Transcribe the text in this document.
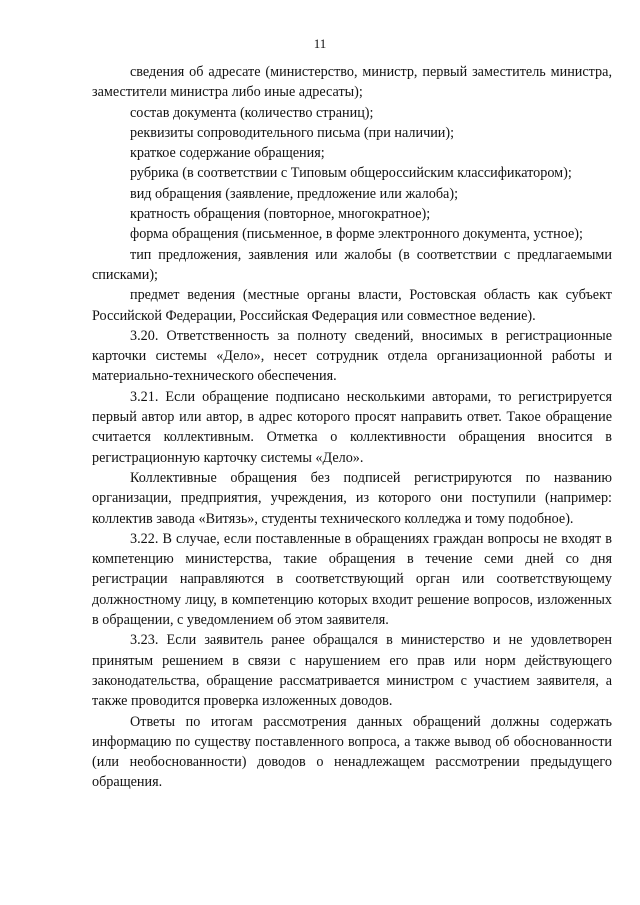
11

сведения об адресате (министерство, министр, первый заместитель министра, заместители министра либо иные адресаты);

состав документа (количество страниц);

реквизиты сопроводительного письма (при наличии);

краткое содержание обращения;

рубрика (в соответствии с Типовым общероссийским классификатором);

вид обращения (заявление, предложение или жалоба);

кратность обращения (повторное, многократное);

форма обращения (письменное, в форме электронного документа, устное);

тип предложения, заявления или жалобы (в соответствии с предлагаемыми списками);

предмет ведения (местные органы власти, Ростовская область как субъект Российской Федерации, Российская Федерация или совместное ведение).

3.20. Ответственность за полноту сведений, вносимых в регистрационные карточки системы «Дело», несет сотрудник отдела организационной работы и материально-технического обеспечения.

3.21. Если обращение подписано несколькими авторами, то регистрируется первый автор или автор, в адрес которого просят направить ответ. Такое обращение считается коллективным. Отметка о коллективности обращения вносится в регистрационную карточку системы «Дело».

Коллективные обращения без подписей регистрируются по названию организации, предприятия, учреждения, из которого они поступили (например: коллектив завода «Витязь», студенты технического колледжа и тому подобное).

3.22. В случае, если поставленные в обращениях граждан вопросы не входят в компетенцию министерства, такие обращения в течение семи дней со дня регистрации направляются в соответствующий орган или соответствующему должностному лицу, в компетенцию которых входит решение вопросов, изложенных в обращении, с уведомлением об этом заявителя.

3.23. Если заявитель ранее обращался в министерство и не удовлетворен принятым решением в связи с нарушением его прав или норм действующего законодательства, обращение рассматривается министром с участием заявителя, а также проводится проверка изложенных доводов.

Ответы по итогам рассмотрения данных обращений должны содержать информацию по существу поставленного вопроса, а также вывод об обоснованности (или необоснованности) доводов о ненадлежащем рассмотрении предыдущего обращения.
